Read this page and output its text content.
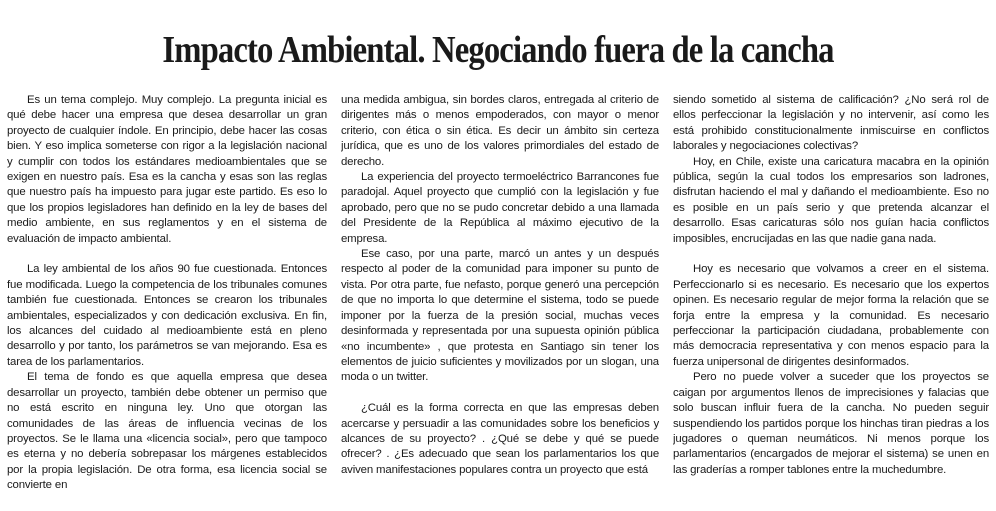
Impacto Ambiental. Negociando fuera de la cancha

Es un tema complejo. Muy complejo. La pregunta inicial es qué debe hacer una empresa que desea desarrollar un gran proyecto de cualquier índole. En principio, debe hacer las cosas bien. Y eso implica someterse con rigor a la legislación nacional y cumplir con todos los estándares medioambientales que se exigen en nuestro país. Esa es la cancha y esas son las reglas que nuestro país ha impuesto para jugar este partido. Es eso lo que los propios legisladores han definido en la ley de bases del medio ambiente, en sus reglamentos y en el sistema de evaluación de impacto ambiental.

La ley ambiental de los años 90 fue cuestionada. Entonces fue modificada. Luego la competencia de los tribunales comunes también fue cuestionada. Entonces se crearon los tribunales ambientales, especializados y con dedicación exclusiva. En fin, los alcances del cuidado al medioambiente está en pleno desarrollo y por tanto, los parámetros se van mejorando. Esa es tarea de los parlamentarios.

El tema de fondo es que aquella empresa que desea desarrollar un proyecto, también debe obtener un permiso que no está escrito en ninguna ley. Uno que otorgan las comunidades de las áreas de influencia vecinas de los proyectos. Se le llama una «licencia social», pero que tampoco es eterna y no debería sobrepasar los márgenes establecidos por la propia legislación. De otra forma, esa licencia social se convierte en

una medida ambigua, sin bordes claros, entregada al criterio de dirigentes más o menos empoderados, con mayor o menor criterio, con ética o sin ética. Es decir un ámbito sin certeza jurídica, que es uno de los valores primordiales del estado de derecho.

La experiencia del proyecto termoeléctrico Barrancones fue paradojal. Aquel proyecto que cumplió con la legislación y fue aprobado, pero que no se pudo concretar debido a una llamada del Presidente de la República al máximo ejecutivo de la empresa.

Ese caso, por una parte, marcó un antes y un después respecto al poder de la comunidad para imponer su punto de vista. Por otra parte, fue nefasto, porque generó una percepción de que no importa lo que determine el sistema, todo se puede imponer por la fuerza de la presión social, muchas veces desinformada y representada por una supuesta opinión pública «no incumbente» , que protesta en Santiago sin tener los elementos de juicio suficientes y movilizados por un slogan, una moda o un twitter.

¿Cuál es la forma correcta en que las empresas deben acercarse y persuadir a las comunidades sobre los beneficios y alcances de su proyecto? . ¿Qué se debe y qué se puede ofrecer? . ¿Es adecuado que sean los parlamentarios los que aviven manifestaciones populares contra un proyecto que está

siendo sometido al sistema de calificación? ¿No será rol de ellos perfeccionar la legislación y no intervenir, así como les está prohibido constitucionalmente inmiscuirse en conflictos laborales y negociaciones colectivas?

Hoy, en Chile, existe una caricatura macabra en la opinión pública, según la cual todos los empresarios son ladrones, disfrutan haciendo el mal y dañando el medioambiente. Eso no es posible en un país serio y que pretenda alcanzar el desarrollo. Esas caricaturas sólo nos guían hacia conflictos imposibles, encrucijadas en las que nadie gana nada.

Hoy es necesario que volvamos a creer en el sistema. Perfeccionarlo si es necesario. Es necesario que los expertos opinen. Es necesario regular de mejor forma la relación que se forja entre la empresa y la comunidad. Es necesario perfeccionar la participación ciudadana, probablemente con más democracia representativa y con menos espacio para la fuerza unipersonal de dirigentes desinformados.

Pero no puede volver a suceder que los proyectos se caigan por argumentos llenos de imprecisiones y falacias que solo buscan influir fuera de la cancha. No pueden seguir suspendiendo los partidos porque los hinchas tiran piedras a los jugadores o queman neumáticos. Ni menos porque los parlamentarios (encargados de mejorar el sistema) se unen en las graderías a romper tablones entre la muchedumbre.
